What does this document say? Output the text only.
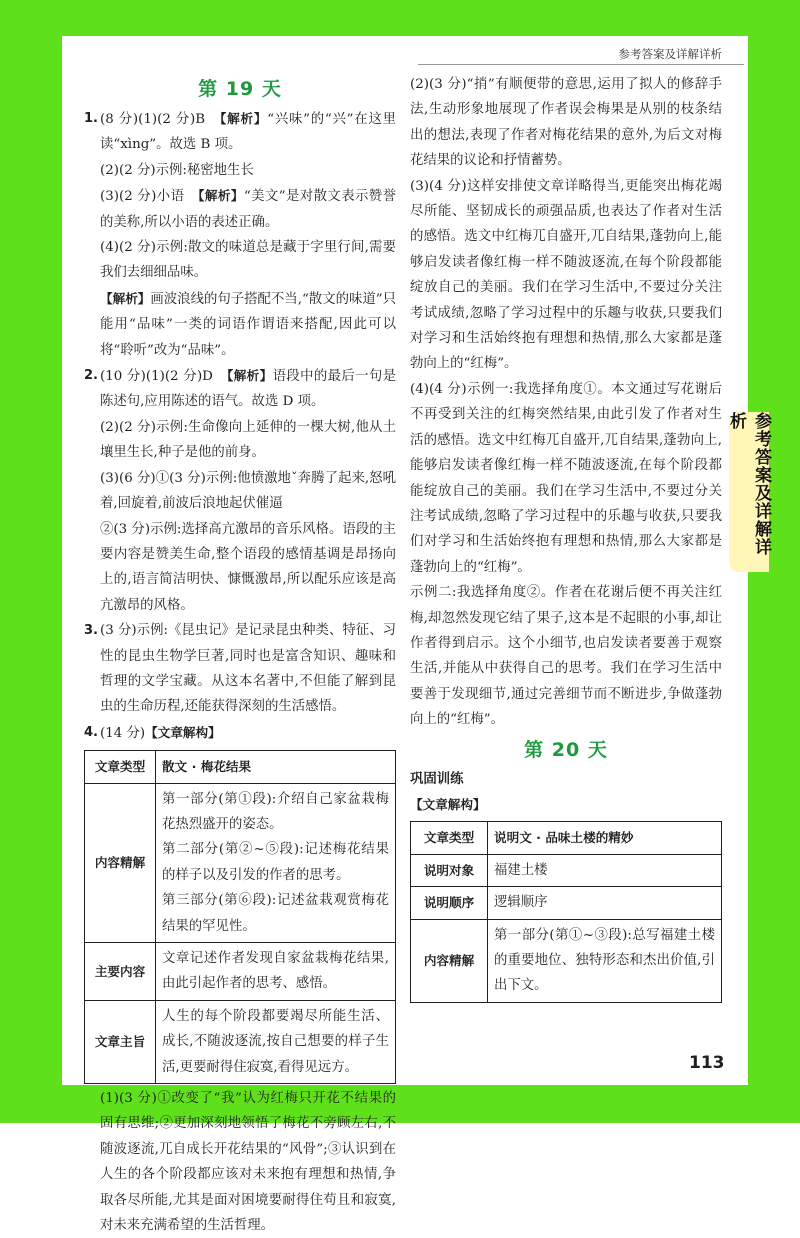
参考答案及详解详析
参考答案及详解详析
113
第 19 天
1. (8 分)(1)(2 分)B　【解析】“兴味”的“兴”在这里读“xìng”。故选 B 项。

(2)(2 分)示例:秘密地生长

(3)(2 分)小语　【解析】“美文”是对散文表示赞誉的美称,所以小语的表述正确。

(4)(2 分)示例:散文的味道总是藏于字里行间,需要我们去细细品味。

【解析】画波浪线的句子搭配不当,“散文的味道”只能用“品味”一类的词语作谓语来搭配,因此可以将“聆听”改为“品味”。

2. (10 分)(1)(2 分)D　【解析】语段中的最后一句是陈述句,应用陈述的语气。故选 D 项。

(2)(2 分)示例:生命像向上延伸的一棵大树,他从土壤里生长,种子是他的前身。

(3)(6 分)①(3 分)示例:他愤激地ˇ奔腾了起来,怒吼着,回旋着,前波后浪地起伏催逼

②(3 分)示例:选择高亢激昂的音乐风格。语段的主要内容是赞美生命,整个语段的感情基调是昂扬向上的,语言简洁明快、慷慨激昂,所以配乐应该是高亢激昂的风格。

3. (3 分)示例:《昆虫记》是记录昆虫种类、特征、习性的昆虫生物学巨著,同时也是富含知识、趣味和哲理的文学宝藏。从这本名著中,不但能了解到昆虫的生命历程,还能获得深刻的生活感悟。

4. (14 分)【文章解构】

文章类型	散文 · 梅花结果
内容精解	第一部分(第①段):介绍自己家盆栽梅花热烈盛开的姿态。
第二部分(第②~⑤段):记述梅花结果的样子以及引发的作者的思考。
第三部分(第⑥段):记述盆栽观赏梅花结果的罕见性。

主要内容	文章记述作者发现自家盆栽梅花结果,由此引起作者的思考、感悟。
文章主旨	人生的每个阶段都要竭尽所能生活、成长,不随波逐流,按自己想要的样子生活,更要耐得住寂寞,看得见远方。

(1)(3 分)①改变了“我”认为红梅只开花不结果的固有思维;②更加深刻地领悟了梅花不旁顾左右,不随波逐流,兀自成长开花结果的“风骨”;③认识到在人生的各个阶段都应该对未来抱有理想和热情,争取各尽所能,尤其是面对困境要耐得住苟且和寂寞,对未来充满希望的生活哲理。

(2)(3 分)“捎”有顺便带的意思,运用了拟人的修辞手法,生动形象地展现了作者误会梅果是从别的枝条结出的想法,表现了作者对梅花结果的意外,为后文对梅花结果的议论和抒情蓄势。

(3)(4 分)这样安排使文章详略得当,更能突出梅花竭尽所能、坚韧成长的顽强品质,也表达了作者对生活的感悟。选文中红梅兀自盛开,兀自结果,蓬勃向上,能够启发读者像红梅一样不随波逐流,在每个阶段都能绽放自己的美丽。我们在学习生活中,不要过分关注考试成绩,忽略了学习过程中的乐趣与收获,只要我们对学习和生活始终抱有理想和热情,那么大家都是蓬勃向上的“红梅”。

(4)(4 分)示例一:我选择角度①。本文通过写花谢后不再受到关注的红梅突然结果,由此引发了作者对生活的感悟。选文中红梅兀自盛开,兀自结果,蓬勃向上,能够启发读者像红梅一样不随波逐流,在每个阶段都能绽放自己的美丽。我们在学习生活中,不要过分关注考试成绩,忽略了学习过程中的乐趣与收获,只要我们对学习和生活始终抱有理想和热情,那么大家都是蓬勃向上的“红梅”。

示例二:我选择角度②。作者在花谢后便不再关注红梅,却忽然发现它结了果子,这本是不起眼的小事,却让作者得到启示。这个小细节,也启发读者要善于观察生活,并能从中获得自己的思考。我们在学习生活中要善于发现细节,通过完善细节而不断进步,争做蓬勃向上的“红梅”。

第 20 天

巩固训练

【文章解构】

文章类型	说明文 · 品味土楼的精妙
说明对象	福建土楼
说明顺序	逻辑顺序
内容精解	第一部分(第①~③段):总写福建土楼的重要地位、独特形态和杰出价值,引出下文。
